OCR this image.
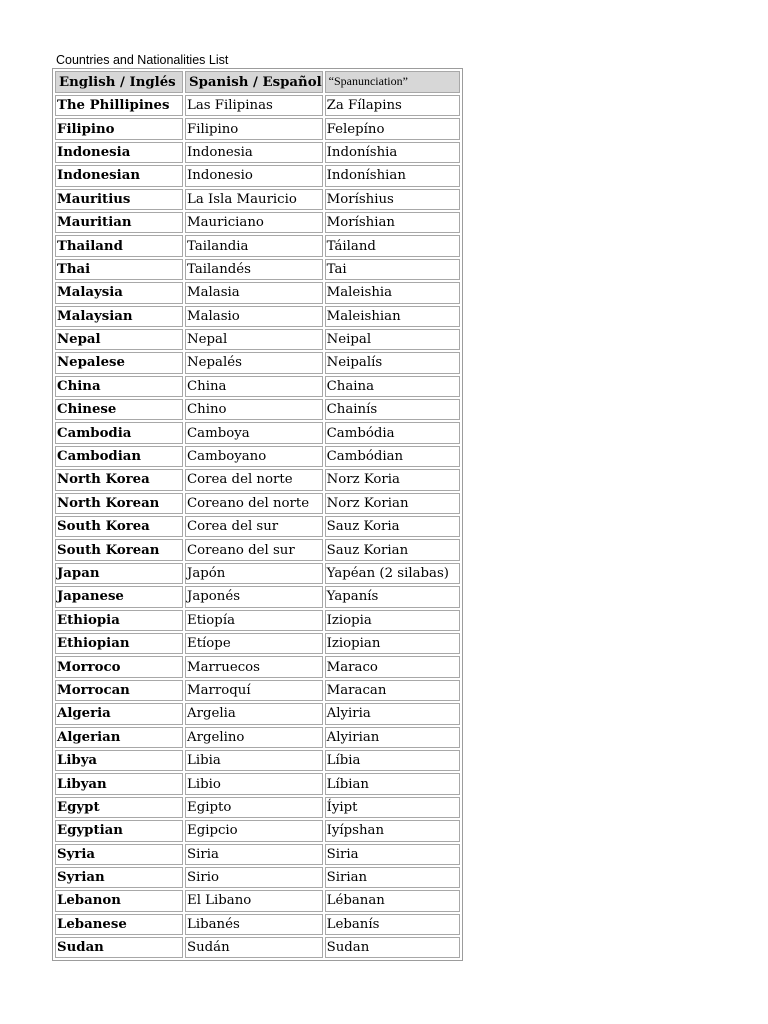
Countries and Nationalities List
English / Inglés	Spanish / Español	“Spanunciation”
The Phillipines	Las Filipinas	Za Fílapins
Filipino	Filipino	Felepíno
Indonesia	Indonesia	Indoníshia
Indonesian	Indonesio	Indoníshian
Mauritius	La Isla Mauricio	Moríshius
Mauritian	Mauriciano	Moríshian
Thailand	Tailandia	Táiland
Thai	Tailandés	Tai
Malaysia	Malasia	Maleishia
Malaysian	Malasio	Maleishian
Nepal	Nepal	Neipal
Nepalese	Nepalés	Neipalís
China	China	Chaina
Chinese	Chino	Chainís
Cambodia	Camboya	Cambódia
Cambodian	Camboyano	Cambódian
North Korea	Corea del norte	Norz Koria
North Korean	Coreano del norte	Norz Korian
South Korea	Corea del sur	Sauz Koria
South Korean	Coreano del sur	Sauz Korian
Japan	Japón	Yapéan (2 silabas)
Japanese	Japonés	Yapanís
Ethiopia	Etiopía	Iziopia
Ethiopian	Etíope	Iziopian
Morroco	Marruecos	Maraco
Morrocan	Marroquí	Maracan
Algeria	Argelia	Alyiria
Algerian	Argelino	Alyirian
Libya	Libia	Líbia
Libyan	Libio	Líbian
Egypt	Egipto	Íyipt
Egyptian	Egipcio	Iyípshan
Syria	Siria	Siria
Syrian	Sirio	Sirian
Lebanon	El Libano	Lébanan
Lebanese	Libanés	Lebanís
Sudan	Sudán	Sudan
